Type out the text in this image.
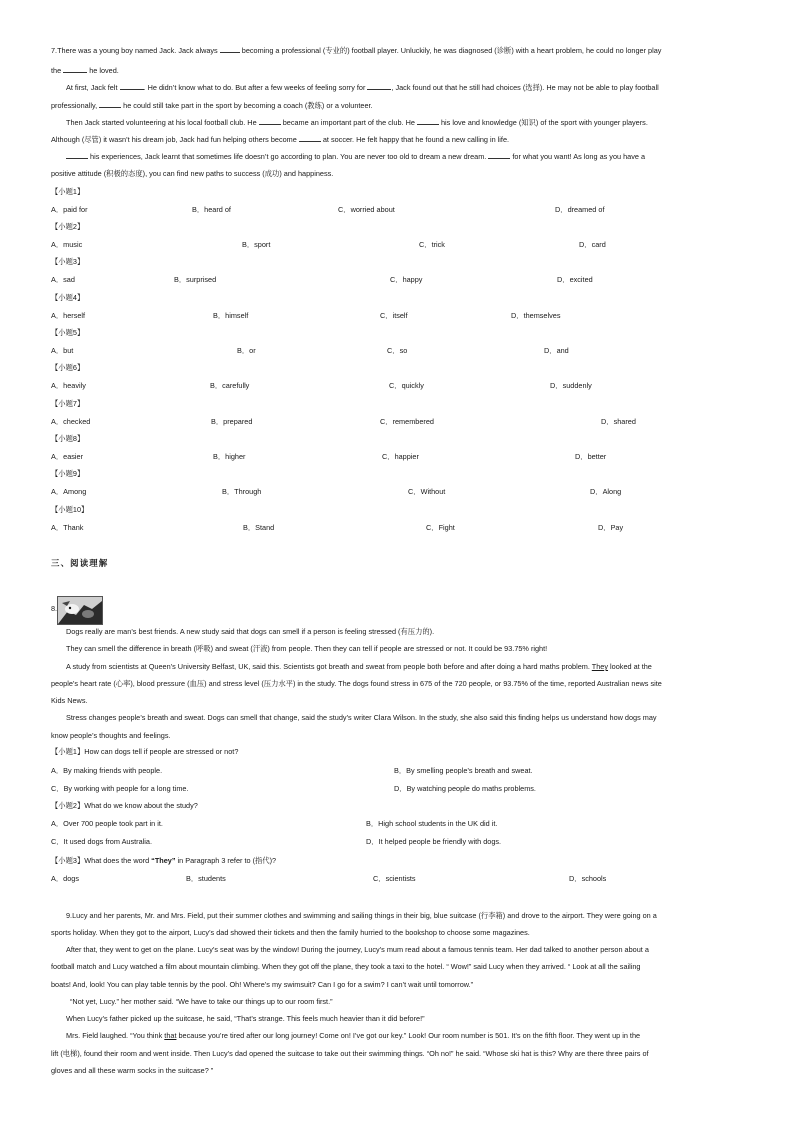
7.There was a young boy named Jack. Jack always	becoming a professional (专业的) football player. Unluckily, he was diagnosed (诊断) with a heart problem, he could no longer play
the	he loved.
At first, Jack felt	. He didn’t know what to do. But after a few weeks of feeling sorry for	, Jack found out that he still had choices (选择). He may not be able to play football
professionally,	he could still take part in the sport by becoming a coach (教练) or a volunteer.
Then Jack started volunteering at his local football club. He	became an important part of the club. He	his love and knowledge (知识) of the sport with younger players.
Although (尽管) it wasn’t his dream job, Jack had fun helping others become	at soccer. He felt happy that he found a new calling in life.
his experiences, Jack learnt that sometimes life doesn’t go according to plan. You are never too old to dream a new dream.	for what you want! As long as you have a
positive attitude (积极的态度), you can find new paths to success (成功) and happiness.
【小题1】
A．paid for	B．heard of	C．worried about	D．dreamed of
【小题2】
A．music	B．sport	C．trick	D．card
【小题3】
A．sad	B．surprised	C．happy	D．excited
【小题4】
A．herself	B．himself	C．itself	D．themselves
【小题5】
A．but	B．or	C．so	D．and
【小题6】
A．heavily	B．carefully	C．quickly	D．suddenly
【小题7】
A．checked	B．prepared	C．remembered	D．shared
【小题8】
A．easier	B．higher	C．happier	D．better
【小题9】
A．Among	B．Through	C．Without	D．Along
【小题10】
A．Thank	B．Stand	C．Fight	D．Pay
三、阅读理解
8.
Dogs really are man’s best friends. A new study said that dogs can smell if a person is feeling stressed (有压力的).
They can smell the difference in breath (呼吸) and sweat (汗液) from people. Then they can tell if people are stressed or not. It could be 93.75% right!
A study from scientists at Queen’s University Belfast, UK, said this. Scientists got breath and sweat from people both before and after doing a hard maths problem. They looked at the
people’s heart rate (心率), blood pressure (血压) and stress level (压力水平) in the study. The dogs found stress in 675 of the 720 people, or 93.75% of the time, reported Australian news site
Kids News.
Stress changes people’s breath and sweat. Dogs can smell that change, said the study’s writer Clara Wilson. In the study, she also said this finding helps us understand how dogs may
know people’s thoughts and feelings.
【小题1】How can dogs tell if people are stressed or not?
A．By making friends with people.	B．By smelling people’s breath and sweat.
C．By working with people for a long time.	D．By watching people do maths problems.
【小题2】What do we know about the study?
A．Over 700 people took part in it.	B．High school students in the UK did it.
C．It used dogs from Australia.	D．It helped people be friendly with dogs.
【小题3】What does the word “They” in Paragraph 3 refer to (指代)?
A．dogs	B．students	C．scientists	D．schools
9.Lucy and her parents, Mr. and Mrs. Field, put their summer clothes and swimming and sailing things in their big, blue suitcase (行李箱) and drove to the airport. They were going on a
sports holiday. When they got to the airport, Lucy’s dad showed their tickets and then the family hurried to the bookshop to choose some magazines.
After that, they went to get on the plane. Lucy’s seat was by the window! During the journey, Lucy’s mum read about a famous tennis team. Her dad talked to another person about a
football match and Lucy watched a film about mountain climbing. When they got off the plane, they took a taxi to the hotel. “ Wow!” said Lucy when they arrived. “ Look at all the sailing
boats! And, look! You can play table tennis by the pool. Oh! Where’s my swimsuit? Can I go for a swim? I can’t wait until tomorrow.”
“Not yet, Lucy.” her mother said. “We have to take our things up to our room first.”
When Lucy’s father picked up the suitcase, he said, “That’s strange. This feels much heavier than it did before!”
Mrs. Field laughed. “You think that because you’re tired after our long journey! Come on! I’ve got our key.” Look! Our room number is 501. It’s on the fifth floor. They went up in the
lift (电梯), found their room and went inside. Then Lucy’s dad opened the suitcase to take out their swimming things. “Oh no!” he said. “Whose ski hat is this? Why are there three pairs of
gloves and all these warm socks in the suitcase? ”
